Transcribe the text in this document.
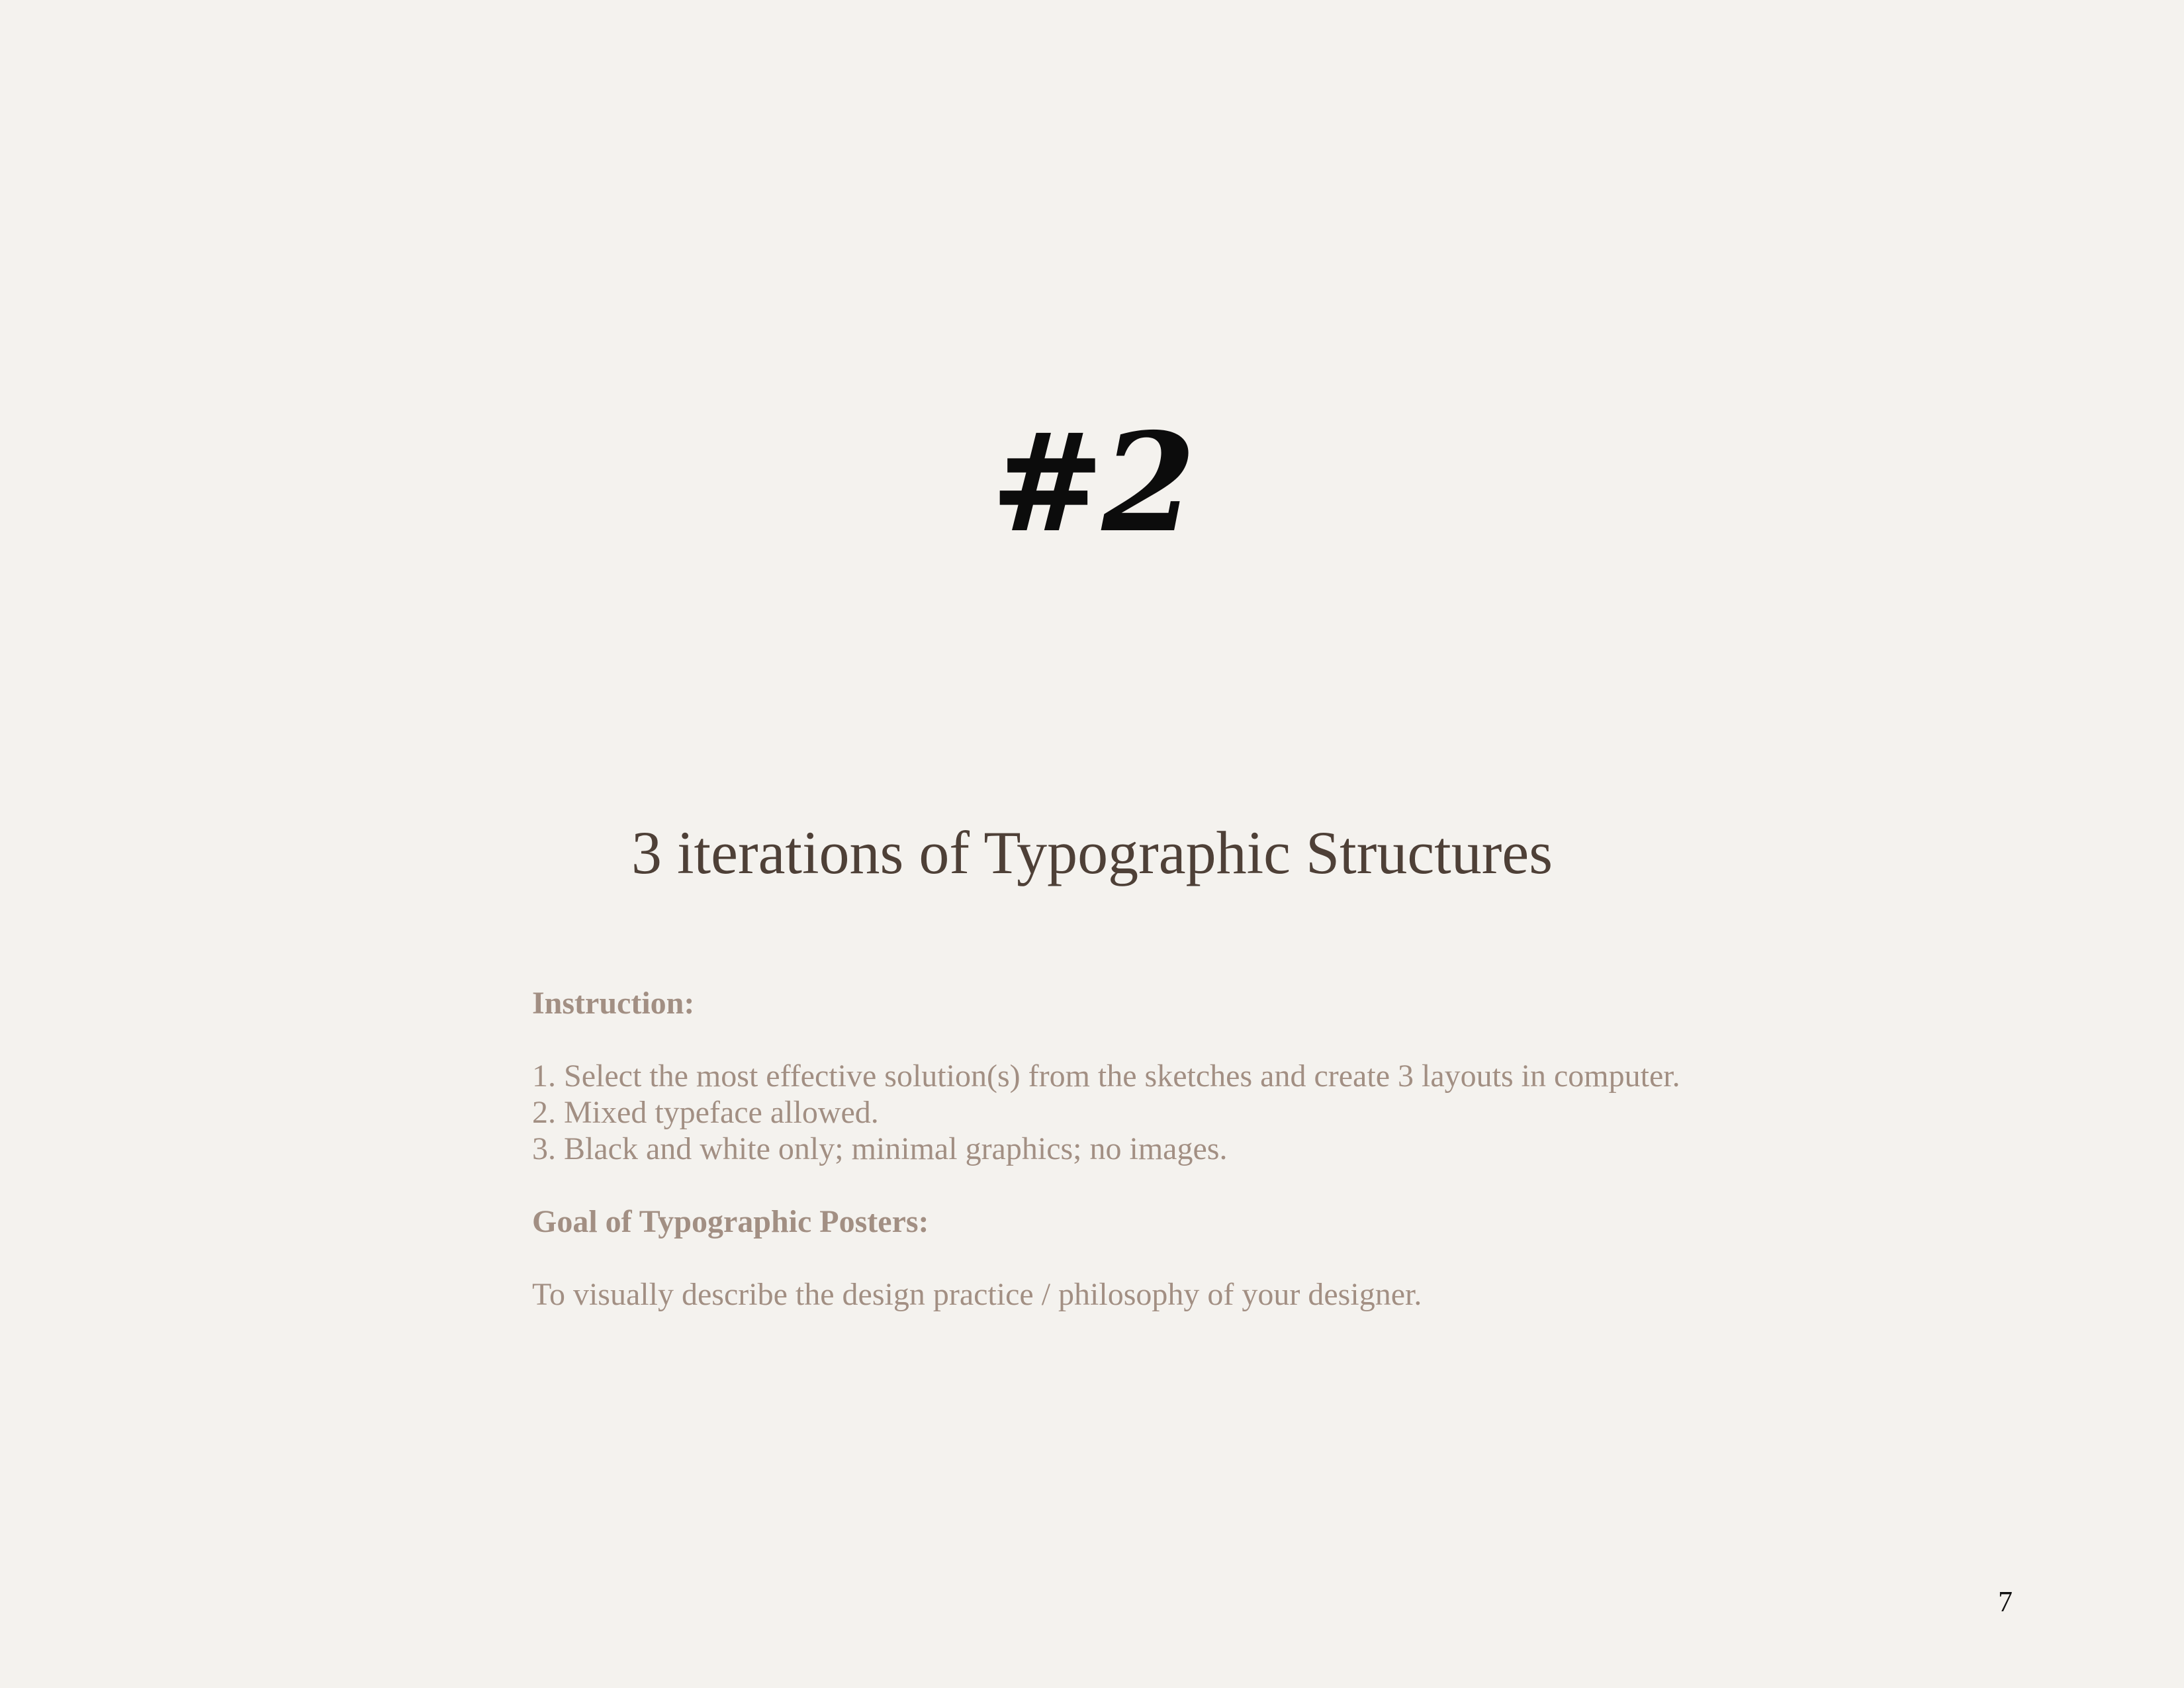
#2
3 iterations of Typographic Structures

Instruction:

1. Select the most effective solution(s) from the sketches and create 3 layouts in computer.

2. Mixed typeface allowed.

3. Black and white only; minimal graphics; no images.

Goal of Typographic Posters:

To visually describe the design practice / philosophy of your designer.

7
